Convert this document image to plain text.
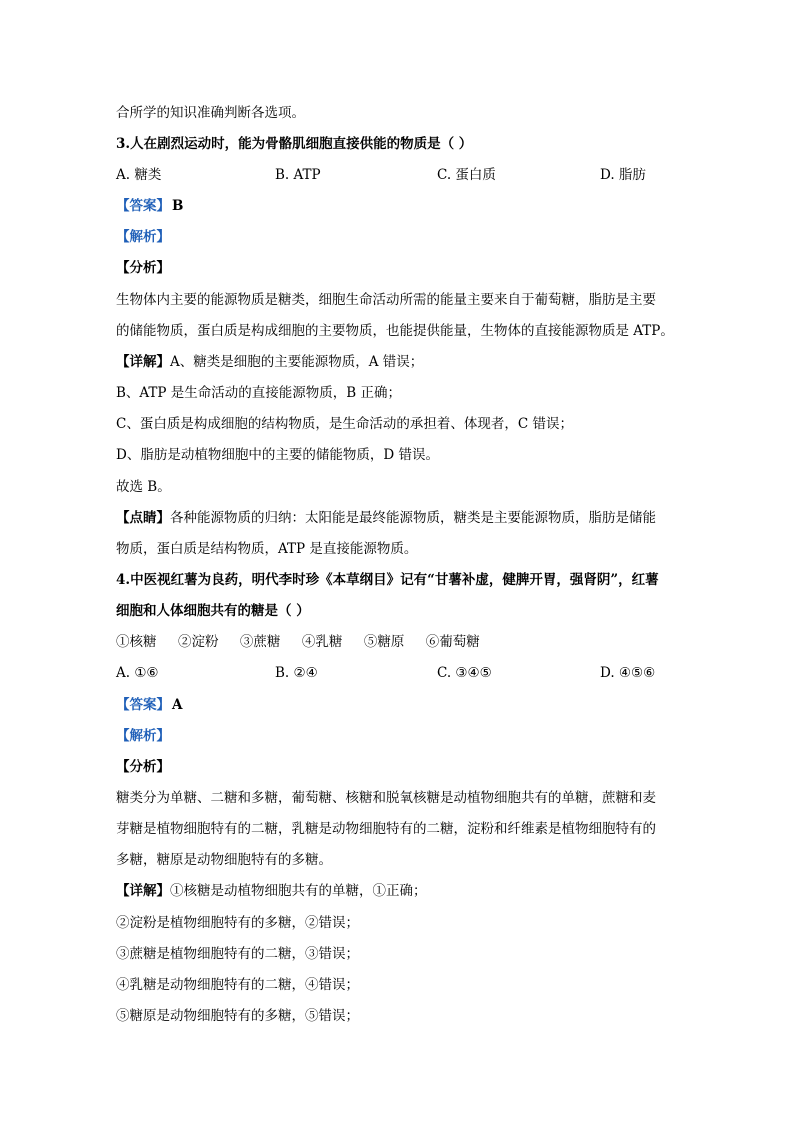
合所学的知识准确判断各选项。
3.人在剧烈运动时，能为骨骼肌细胞直接供能的物质是（ ）
A. 糖类	B. ATP	C. 蛋白质	D. 脂肪
【答案】 B
【解析】
【分析】
生物体内主要的能源物质是糖类，细胞生命活动所需的能量主要来自于葡萄糖，脂肪是主要
的储能物质，蛋白质是构成细胞的主要物质，也能提供能量，生物体的直接能源物质是 ATP。
【详解】A、糖类是细胞的主要能源物质，A 错误；
B、ATP 是生命活动的直接能源物质，B 正确；
C、蛋白质是构成细胞的结构物质，是生命活动的承担着、体现者，C 错误；
D、脂肪是动植物细胞中的主要的储能物质，D 错误。
故选 B。
【点睛】各种能源物质的归纳：太阳能是最终能源物质，糖类是主要能源物质，脂肪是储能
物质，蛋白质是结构物质，ATP 是直接能源物质。
4.中医视红薯为良药，明代李时珍《本草纲目》记有“甘薯补虚，健脾开胃，强肾阴”，红薯
细胞和人体细胞共有的糖是（ ）
①核糖     ②淀粉     ③蔗糖     ④乳糖     ⑤糖原     ⑥葡萄糖
A. ①⑥	B. ②④	C. ③④⑤	D. ④⑤⑥
【答案】 A
【解析】
【分析】
糖类分为单糖、二糖和多糖，葡萄糖、核糖和脱氧核糖是动植物细胞共有的单糖，蔗糖和麦
芽糖是植物细胞特有的二糖，乳糖是动物细胞特有的二糖，淀粉和纤维素是植物细胞特有的
多糖，糖原是动物细胞特有的多糖。
【详解】①核糖是动植物细胞共有的单糖，①正确；
②淀粉是植物细胞特有的多糖，②错误；
③蔗糖是植物细胞特有的二糖，③错误；
④乳糖是动物细胞特有的二糖，④错误；
⑤糖原是动物细胞特有的多糖，⑤错误；
